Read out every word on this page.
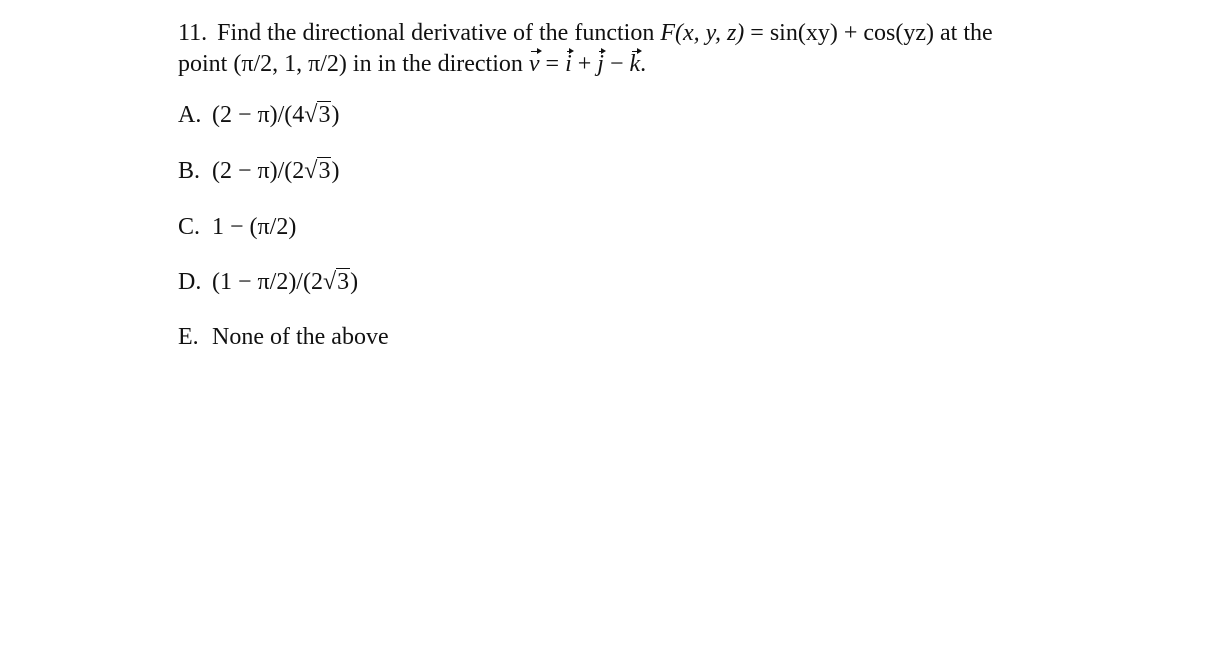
11. Find the directional derivative of the function F(x, y, z) = sin(xy) + cos(yz) at the
point (π/2, 1, π/2) in in the direction v = i + j − k.
A. (2 − π)/(4√3)
B. (2 − π)/(2√3)
C. 1 − (π/2)
D. (1 − π/2)/(2√3)
E. None of the above
